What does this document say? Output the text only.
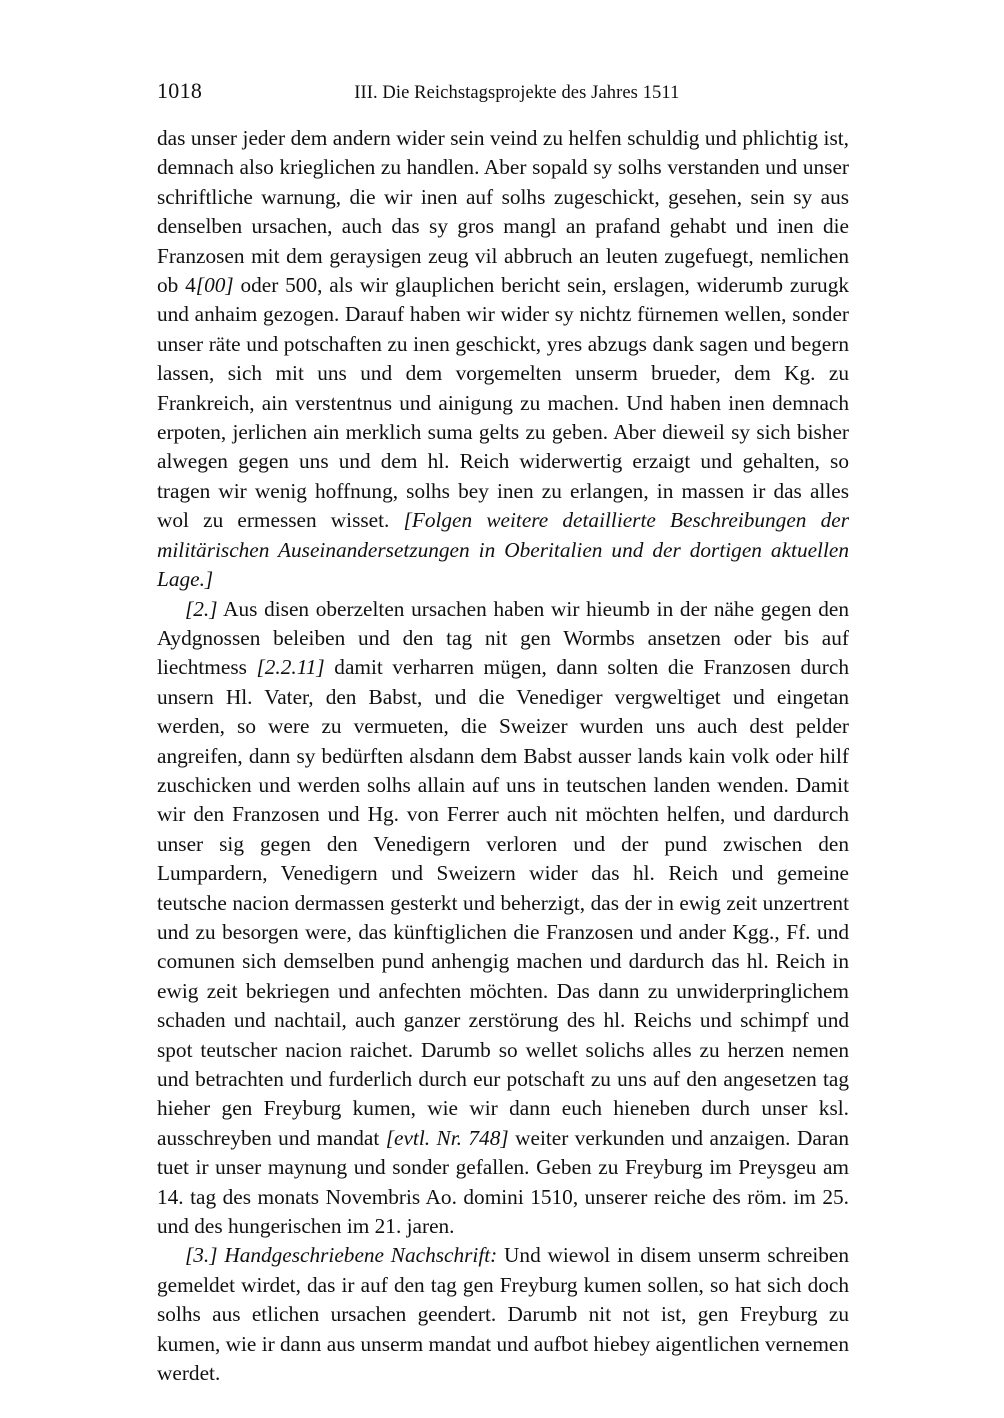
1018	III. Die Reichstagsprojekte des Jahres 1511

das unser jeder dem andern wider sein veind zu helfen schuldig und phlichtig ist, demnach also krieglichen zu handlen. Aber sopald sy solhs verstanden und unser schriftliche warnung, die wir inen auf solhs zugeschickt, gesehen, sein sy aus denselben ursachen, auch das sy gros mangl an prafand gehabt und inen die Franzosen mit dem geraysigen zeug vil abbruch an leuten zugefuegt, nemlichen ob 4[00] oder 500, als wir glauplichen bericht sein, erslagen, widerumb zurugk und anhaim gezogen. Darauf haben wir wider sy nichtz fürnemen wellen, sonder unser räte und potschaften zu inen geschickt, yres abzugs dank sagen und begern lassen, sich mit uns und dem vorgemelten unserm brueder, dem Kg. zu Frankreich, ain verstentnus und ainigung zu machen. Und haben inen demnach erpoten, jerlichen ain merklich suma gelts zu geben. Aber dieweil sy sich bisher alwegen gegen uns und dem hl. Reich widerwertig erzaigt und gehalten, so tragen wir wenig hoffnung, solhs bey inen zu erlangen, in massen ir das alles wol zu ermessen wisset. [Folgen weitere detaillierte Beschreibungen der militärischen Auseinandersetzungen in Oberitalien und der dortigen aktuellen Lage.]

[2.] Aus disen oberzelten ursachen haben wir hieumb in der nähe gegen den Aydgnossen beleiben und den tag nit gen Wormbs ansetzen oder bis auf liechtmess [2.2.11] damit verharren mügen, dann solten die Franzosen durch unsern Hl. Vater, den Babst, und die Venediger vergweltiget und eingetan werden, so were zu vermueten, die Sweizer wurden uns auch dest pelder angreifen, dann sy bedürften alsdann dem Babst ausser lands kain volk oder hilf zuschicken und werden solhs allain auf uns in teutschen landen wenden. Damit wir den Franzosen und Hg. von Ferrer auch nit möchten helfen, und dardurch unser sig gegen den Venedigern verloren und der pund zwischen den Lumpardern, Venedigern und Sweizern wider das hl. Reich und gemeine teutsche nacion dermassen gesterkt und beherzigt, das der in ewig zeit unzertrent und zu besorgen were, das künftiglichen die Franzosen und ander Kgg., Ff. und comunen sich demselben pund anhengig machen und dardurch das hl. Reich in ewig zeit bekriegen und anfechten möchten. Das dann zu unwiderpringlichem schaden und nachtail, auch ganzer zerstörung des hl. Reichs und schimpf und spot teutscher nacion raichet. Darumb so wellet solichs alles zu herzen nemen und betrachten und furderlich durch eur potschaft zu uns auf den angesetzen tag hieher gen Freyburg kumen, wie wir dann euch hieneben durch unser ksl. ausschreyben und mandat [evtl. Nr. 748] weiter verkunden und anzaigen. Daran tuet ir unser maynung und sonder gefallen. Geben zu Freyburg im Preysgeu am 14. tag des monats Novembris Ao. domini 1510, unserer reiche des röm. im 25. und des hungerischen im 21. jaren.

[3.] Handgeschriebene Nachschrift: Und wiewol in disem unserm schreiben gemeldet wirdet, das ir auf den tag gen Freyburg kumen sollen, so hat sich doch solhs aus etlichen ursachen geendert. Darumb nit not ist, gen Freyburg zu kumen, wie ir dann aus unserm mandat und aufbot hiebey aigentlichen vernemen werdet.
